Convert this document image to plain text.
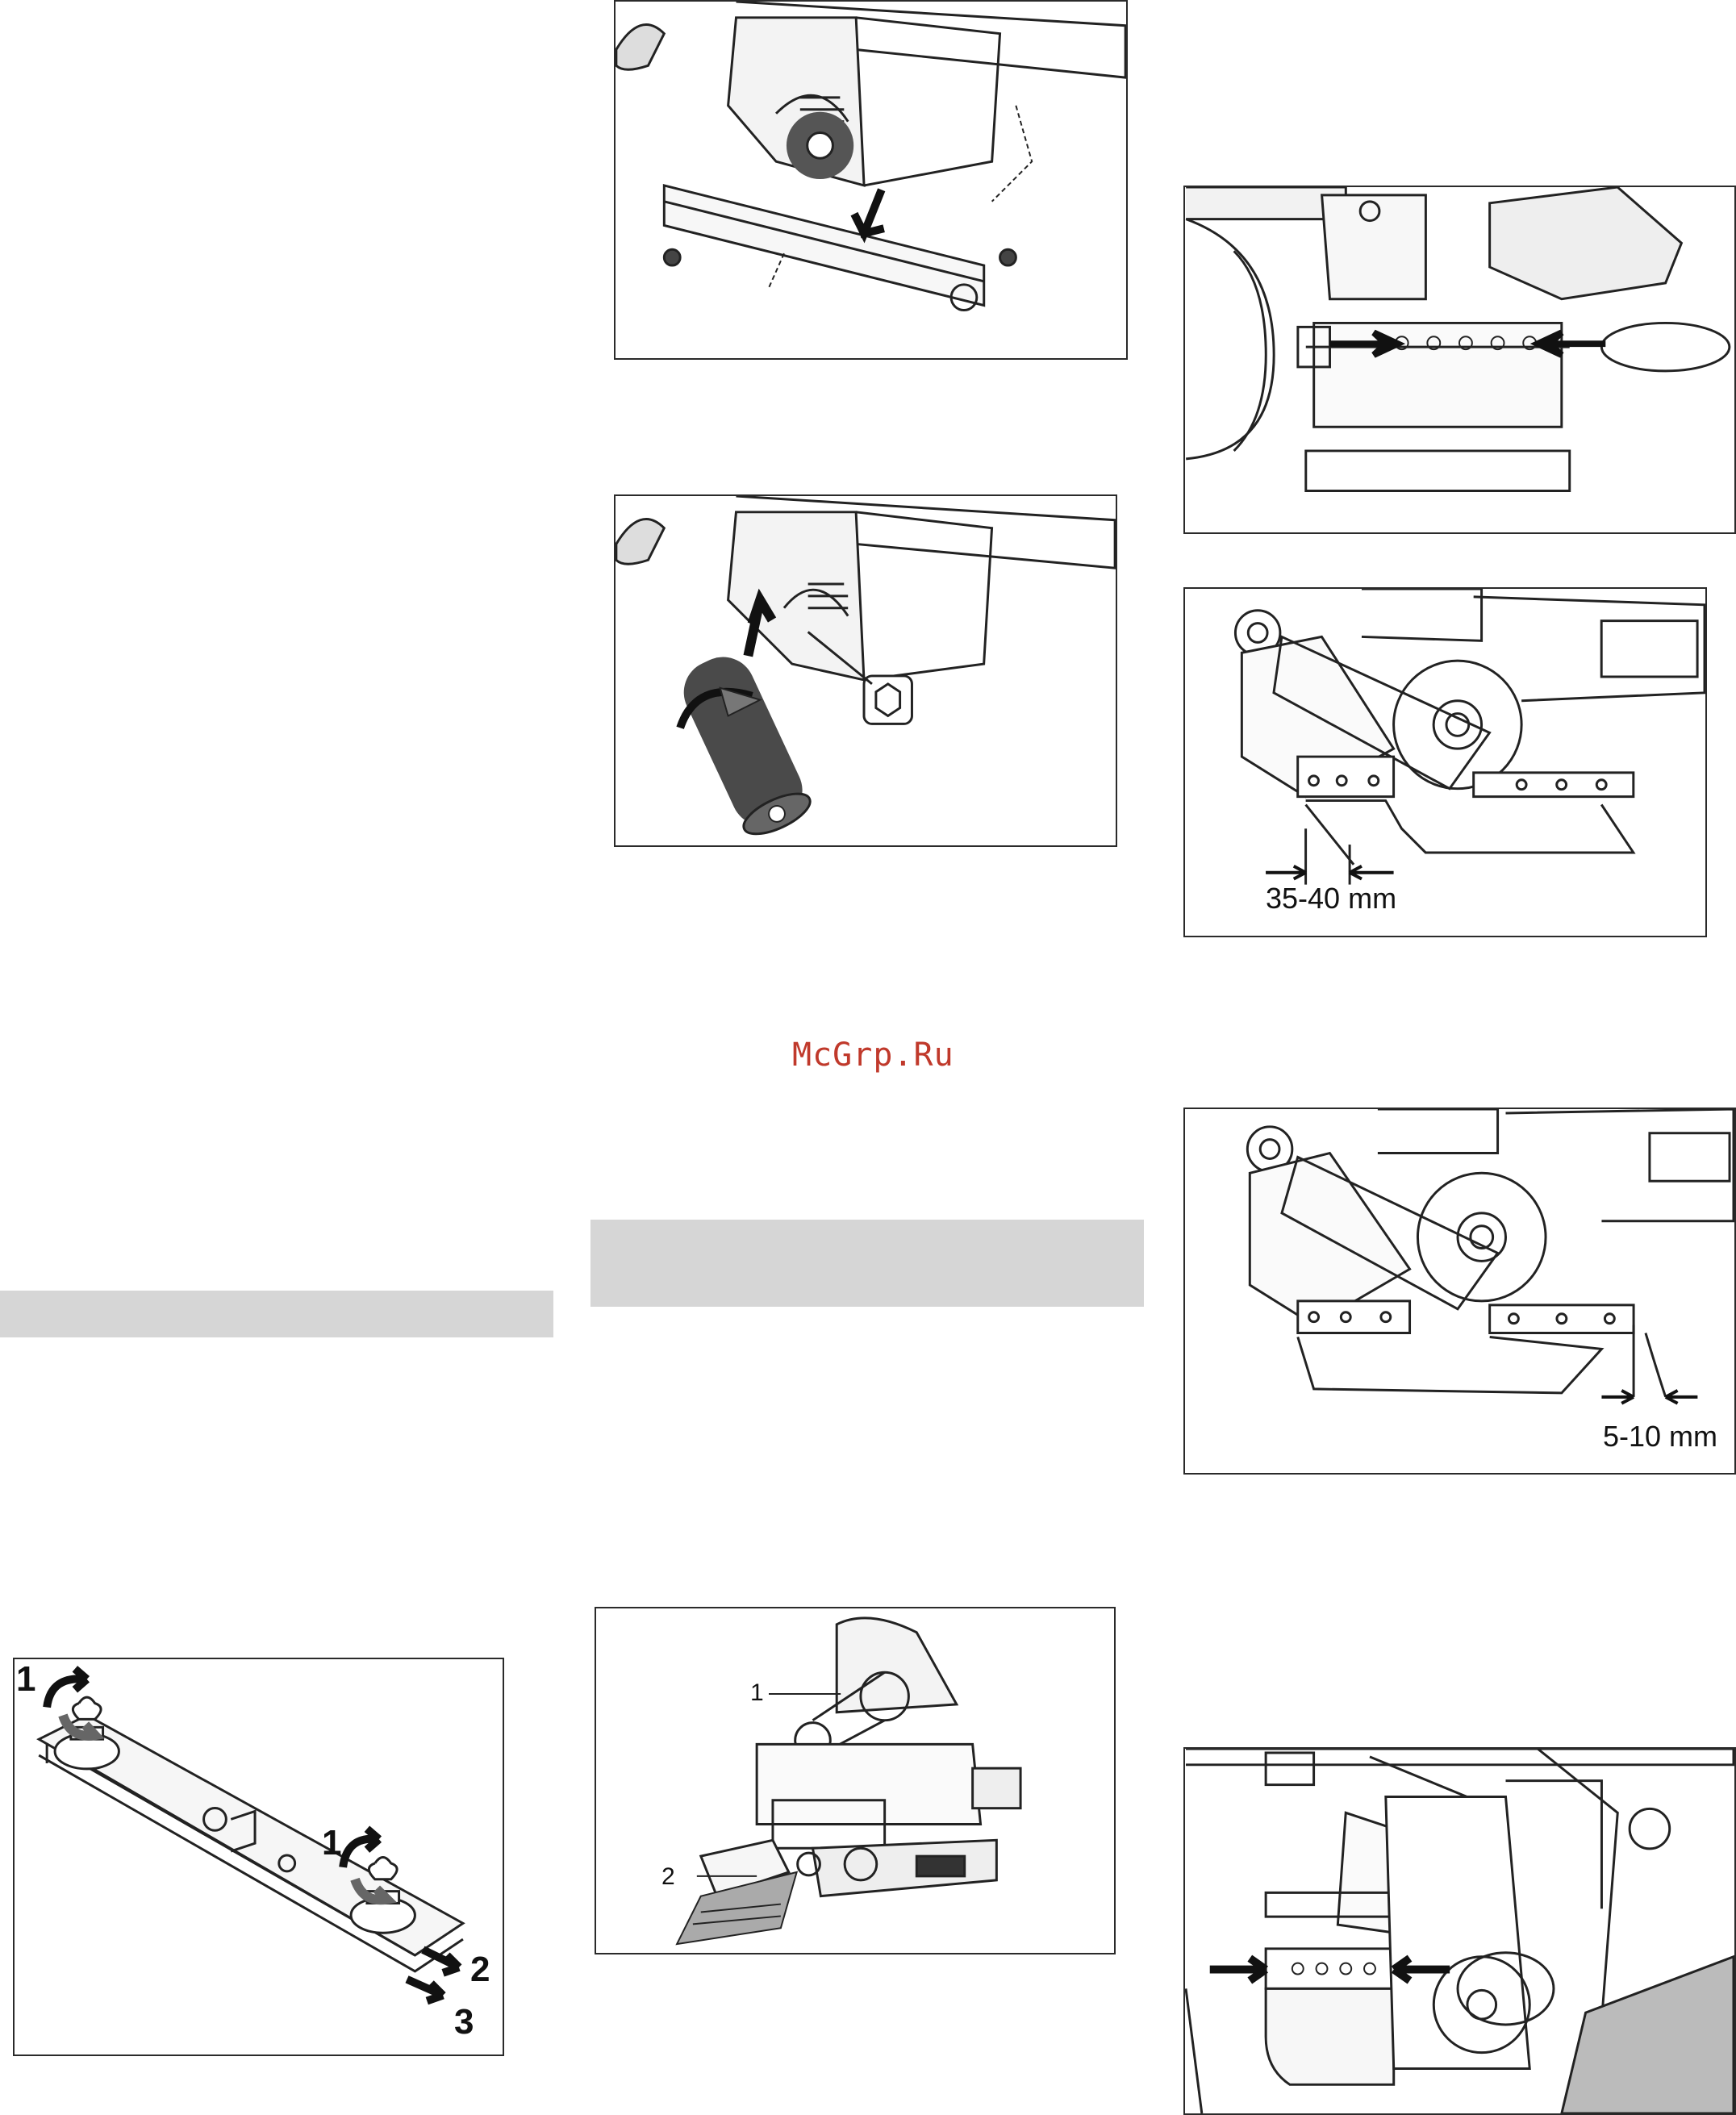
McGrp.Ru
35-40 mm
5-10 mm
1
2
1
1
2
3
